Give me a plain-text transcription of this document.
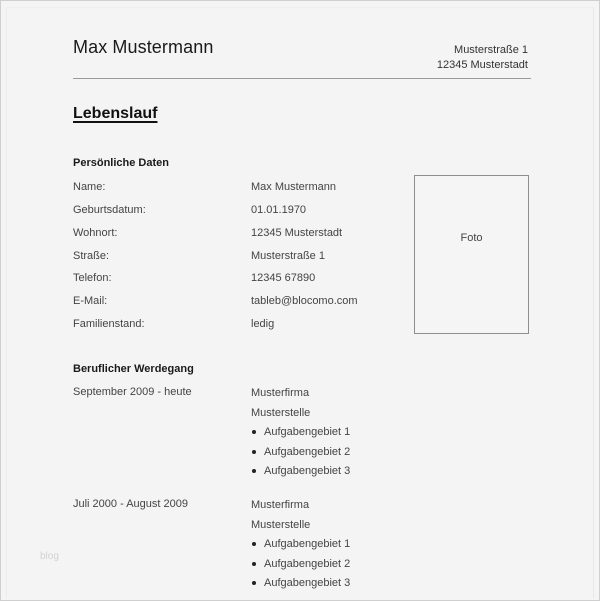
Max Mustermann	Musterstraße 1
12345 Musterstadt
Lebenslauf
Persönliche Daten
Name:	Max Mustermann
Geburtsdatum:	01.01.1970
Wohnort:	12345 Musterstadt
Straße:	Musterstraße 1
Telefon:	12345 67890
E-Mail:	tableb@blocomo.com
Familienstand:	ledig
Foto
Beruflicher Werdegang
September 2009 - heute	Musterfirma
Musterstelle
Aufgabengebiet 1
Aufgabengebiet 2
Aufgabengebiet 3
Juli 2000 - August 2009	Musterfirma
Musterstelle
Aufgabengebiet 1
Aufgabengebiet 2
Aufgabengebiet 3
blog
